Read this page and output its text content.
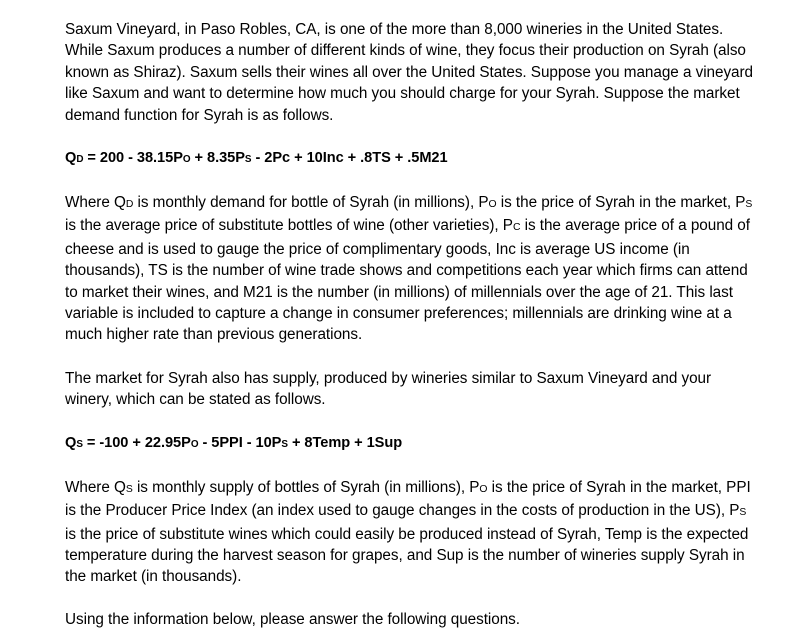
Saxum Vineyard, in Paso Robles, CA, is one of the more than 8,000 wineries in the United States. While Saxum produces a number of different kinds of wine, they focus their production on Syrah (also known as Shiraz). Saxum sells their wines all over the United States. Suppose you manage a vineyard like Saxum and want to determine how much you should charge for your Syrah. Suppose the market demand function for Syrah is as follows.

QD = 200 - 38.15PO + 8.35PS - 2Pc + 10Inc + .8TS + .5M21

Where QD is monthly demand for bottle of Syrah (in millions), PO is the price of Syrah in the market, PS is the average price of substitute bottles of wine (other varieties), PC is the average price of a pound of cheese and is used to gauge the price of complimentary goods, Inc is average US income (in thousands), TS is the number of wine trade shows and competitions each year which firms can attend to market their wines, and M21 is the number (in millions) of millennials over the age of 21. This last variable is included to capture a change in consumer preferences; millennials are drinking wine at a much higher rate than previous generations.

The market for Syrah also has supply, produced by wineries similar to Saxum Vineyard and your winery, which can be stated as follows.

QS = -100 + 22.95PO - 5PPI - 10PS + 8Temp + 1Sup

Where QS is monthly supply of bottles of Syrah (in millions), PO is the price of Syrah in the market, PPI is the Producer Price Index (an index used to gauge changes in the costs of production in the US), PS is the price of substitute wines which could easily be produced instead of Syrah, Temp is the expected temperature during the harvest season for grapes, and Sup is the number of wineries supply Syrah in the market (in thousands).

Using the information below, please answer the following questions.
